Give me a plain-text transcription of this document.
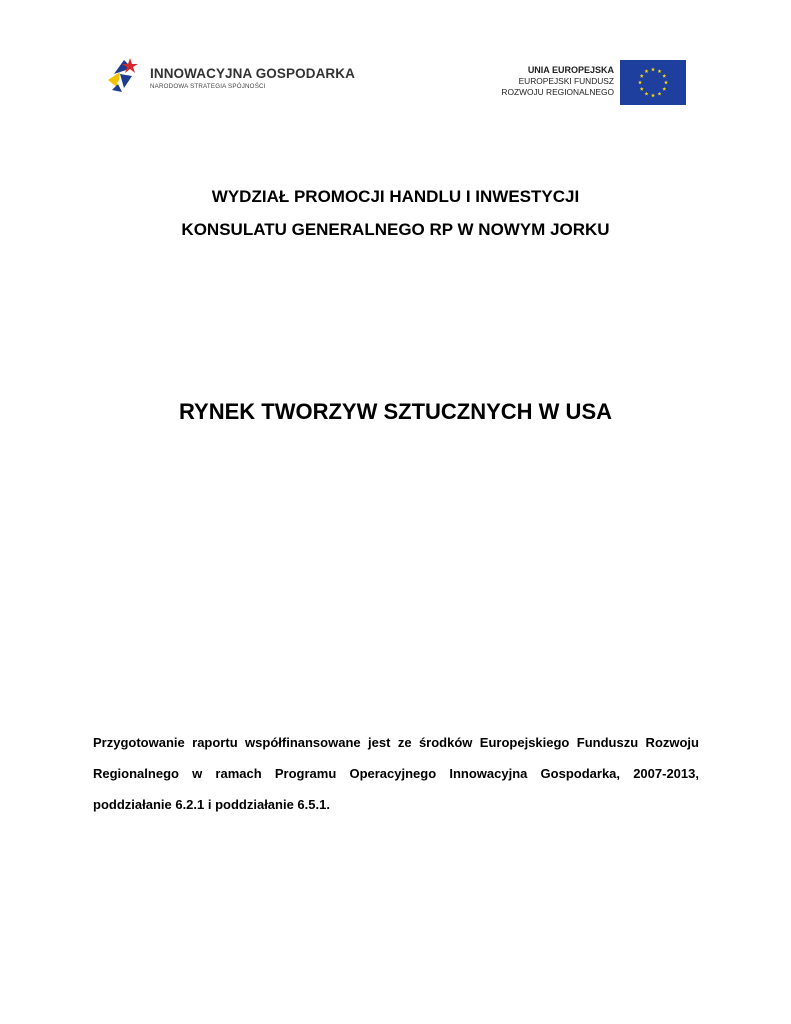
INNOWACYJNA GOSPODARKA
NARODOWA STRATEGIA SPÓJNOŚCI
UNIA EUROPEJSKA
EUROPEJSKI FUNDUSZ
ROZWOJU REGIONALNEGO
WYDZIAŁ PROMOCJI HANDLU I INWESTYCJI
KONSULATU GENERALNEGO RP W NOWYM JORKU
RYNEK TWORZYW SZTUCZNYCH W USA
Przygotowanie raportu współfinansowane jest ze środków Europejskiego Funduszu Rozwoju
Regionalnego w ramach Programu Operacyjnego Innowacyjna Gospodarka, 2007-2013,
poddziałanie 6.2.1 i poddziałanie 6.5.1.
